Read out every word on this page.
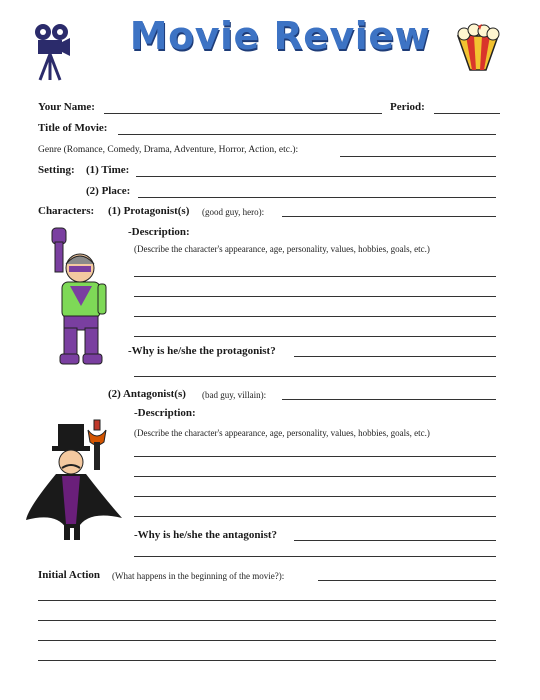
Movie Review
Your Name:	Period:
Title of Movie:
Genre (Romance, Comedy, Drama, Adventure, Horror, Action, etc.):
Setting: (1) Time:
(2) Place:
Characters: (1) Protagonist(s) (good guy, hero):
-Description:
(Describe the character's appearance, age, personality, values, hobbies, goals, etc.)
-Why is he/she the protagonist?
(2) Antagonist(s) (bad guy, villain):
-Description:
(Describe the character's appearance, age, personality, values, hobbies, goals, etc.)
-Why is he/she the antagonist?
Initial Action (What happens in the beginning of the movie?):
